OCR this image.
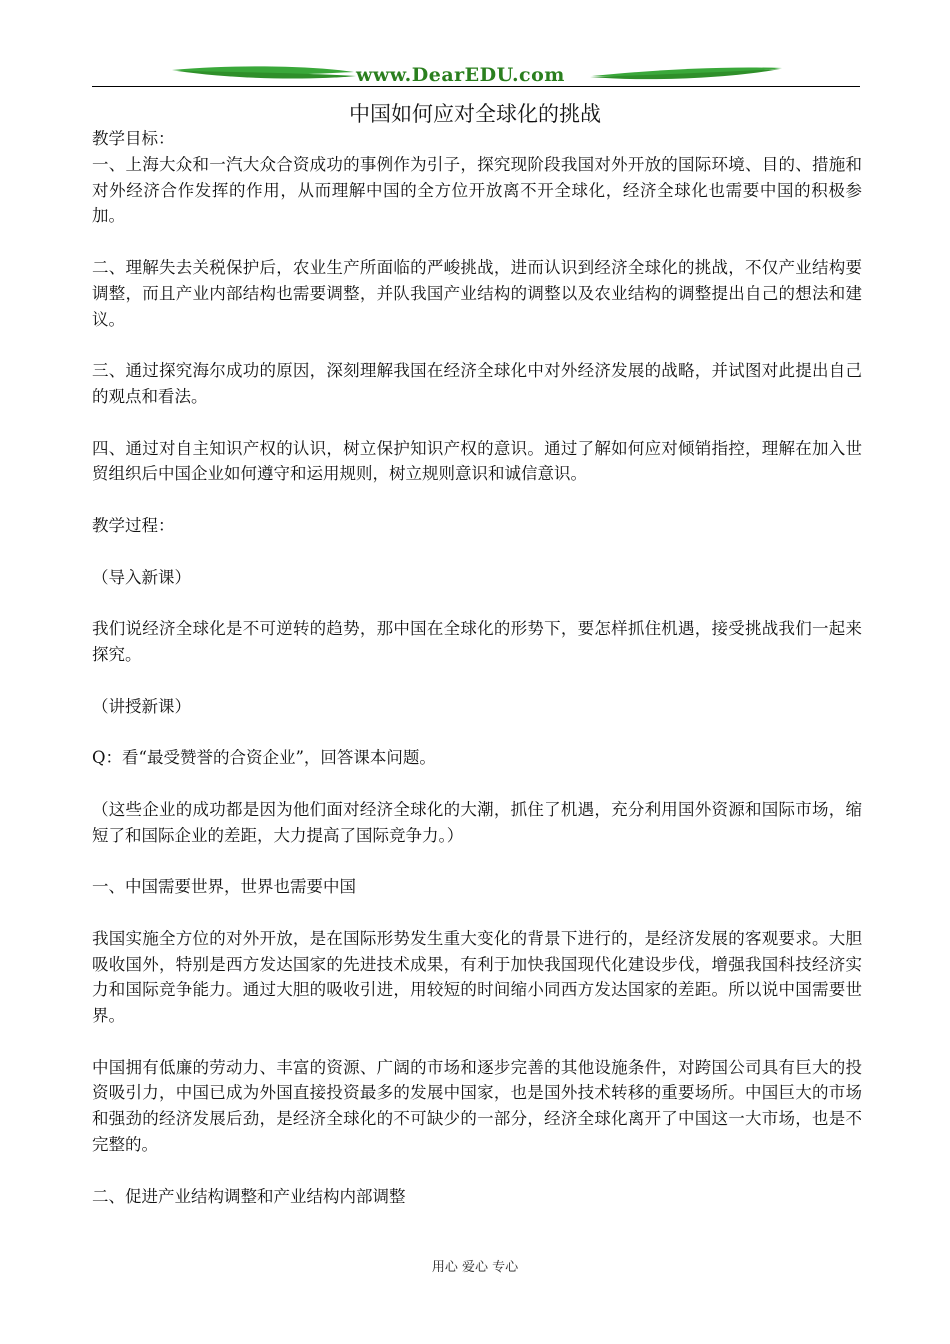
www.DearEDU.com
中国如何应对全球化的挑战

教学目标：

一、上海大众和一汽大众合资成功的事例作为引子，探究现阶段我国对外开放的国际环境、目的、措施和对外经济合作发挥的作用，从而理解中国的全方位开放离不开全球化，经济全球化也需要中国的积极参加。

二、理解失去关税保护后，农业生产所面临的严峻挑战，进而认识到经济全球化的挑战，不仅产业结构要调整，而且产业内部结构也需要调整，并队我国产业结构的调整以及农业结构的调整提出自己的想法和建议。

三、通过探究海尔成功的原因，深刻理解我国在经济全球化中对外经济发展的战略，并试图对此提出自己的观点和看法。

四、通过对自主知识产权的认识，树立保护知识产权的意识。通过了解如何应对倾销指控，理解在加入世贸组织后中国企业如何遵守和运用规则，树立规则意识和诚信意识。

教学过程：

（导入新课）

我们说经济全球化是不可逆转的趋势，那中国在全球化的形势下，要怎样抓住机遇，接受挑战我们一起来探究。

（讲授新课）

Q：看“最受赞誉的合资企业”，回答课本问题。

（这些企业的成功都是因为他们面对经济全球化的大潮，抓住了机遇，充分利用国外资源和国际市场，缩短了和国际企业的差距，大力提高了国际竞争力。）

一、中国需要世界，世界也需要中国

我国实施全方位的对外开放，是在国际形势发生重大变化的背景下进行的，是经济发展的客观要求。大胆吸收国外，特别是西方发达国家的先进技术成果，有利于加快我国现代化建设步伐，增强我国科技经济实力和国际竞争能力。通过大胆的吸收引进，用较短的时间缩小同西方发达国家的差距。所以说中国需要世界。

中国拥有低廉的劳动力、丰富的资源、广阔的市场和逐步完善的其他设施条件，对跨国公司具有巨大的投资吸引力，中国已成为外国直接投资最多的发展中国家，也是国外技术转移的重要场所。中国巨大的市场和强劲的经济发展后劲，是经济全球化的不可缺少的一部分，经济全球化离开了中国这一大市场，也是不完整的。

二、促进产业结构调整和产业结构内部调整

用心 爱心 专心
